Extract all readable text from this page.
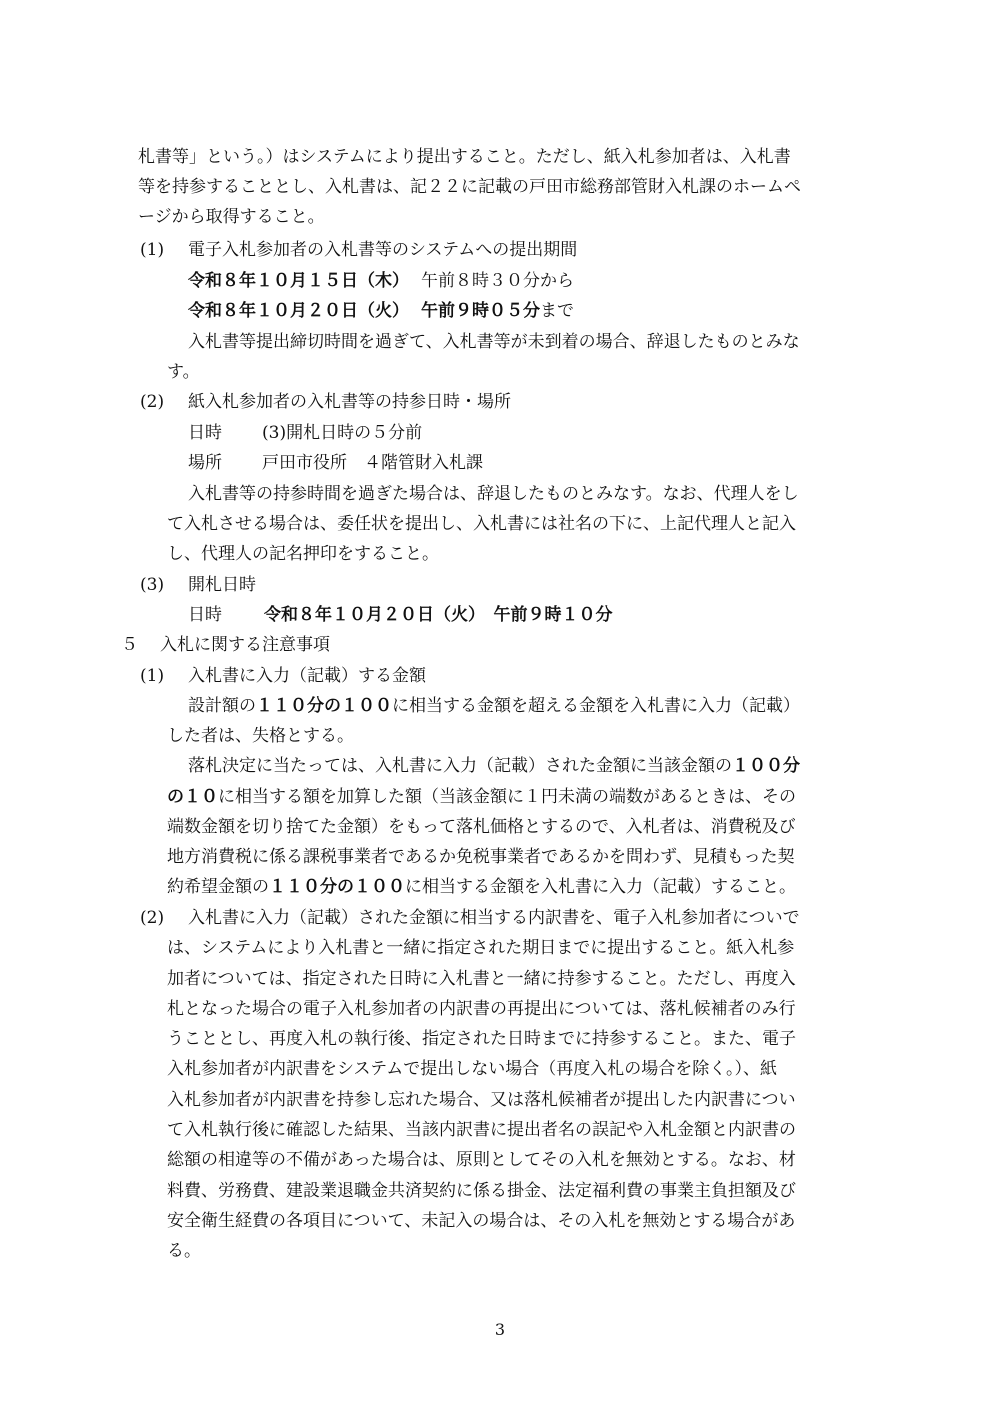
札書等」という。）はシステムにより提出すること。ただし、紙入札参加者は、入札書
等を持参することとし、入札書は、記２２に記載の戸田市総務部管財入札課のホームペ
ージから取得すること。
(1) 電子入札参加者の入札書等のシステムへの提出期間
令和８年１０月１５日（木） 午前８時３０分から
令和８年１０月２０日（火） 午前９時０５分まで
入札書等提出締切時間を過ぎて、入札書等が未到着の場合、辞退したものとみな
す。
(2) 紙入札参加者の入札書等の持参日時・場所
日時 (3)開札日時の５分前
場所 戸田市役所　４階管財入札課
入札書等の持参時間を過ぎた場合は、辞退したものとみなす。なお、代理人をし
て入札させる場合は、委任状を提出し、入札書には社名の下に、上記代理人と記入
し、代理人の記名押印をすること。
(3) 開札日時
日時 令和８年１０月２０日（火）　午前９時１０分
５ 入札に関する注意事項
(1) 入札書に入力（記載）する金額
設計額の１１０分の１００に相当する金額を超える金額を入札書に入力（記載）
した者は、失格とする。
落札決定に当たっては、入札書に入力（記載）された金額に当該金額の１００分
の１０に相当する額を加算した額（当該金額に１円未満の端数があるときは、その
端数金額を切り捨てた金額）をもって落札価格とするので、入札者は、消費税及び
地方消費税に係る課税事業者であるか免税事業者であるかを問わず、見積もった契
約希望金額の１１０分の１００に相当する金額を入札書に入力（記載）すること。
(2) 入札書に入力（記載）された金額に相当する内訳書を、電子入札参加者についで
は、システムにより入札書と一緒に指定された期日までに提出すること。紙入札参
加者については、指定された日時に入札書と一緒に持参すること。ただし、再度入
札となった場合の電子入札参加者の内訳書の再提出については、落札候補者のみ行
うこととし、再度入札の執行後、指定された日時までに持参すること。また、電子
入札参加者が内訳書をシステムで提出しない場合（再度入札の場合を除く。）、紙
入札参加者が内訳書を持参し忘れた場合、又は落札候補者が提出した内訳書につい
て入札執行後に確認した結果、当該内訳書に提出者名の誤記や入札金額と内訳書の
総額の相違等の不備があった場合は、原則としてその入札を無効とする。なお、材
料費、労務費、建設業退職金共済契約に係る掛金、法定福利費の事業主負担額及び
安全衛生経費の各項目について、未記入の場合は、その入札を無効とする場合があ
る。
3
